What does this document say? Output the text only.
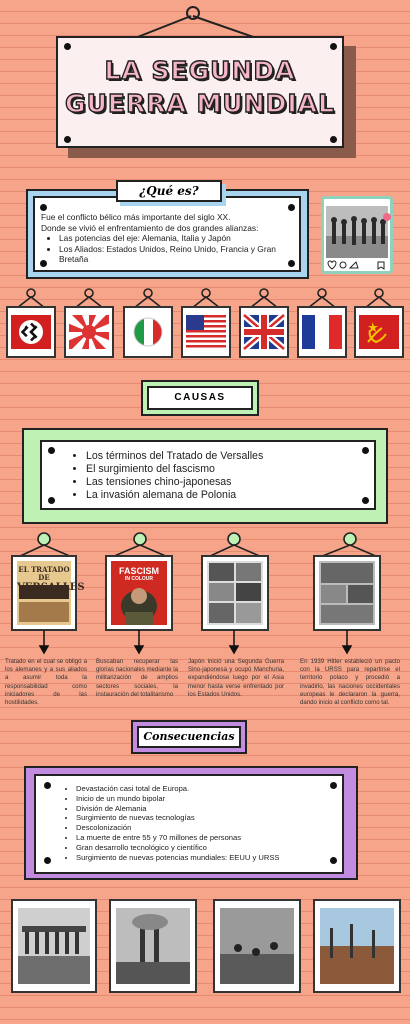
LA SEGUNDA
GUERRA MUNDIAL
Fue el conflicto bélico más importante del siglo XX.
Donde se vivió el enfrentamiento de dos grandes alianzas:
• Las potencias del eje: Alemania, Italia y Japón
• Los Aliados: Estados Unidos, Reino Unido, Francia y Gran Bretaña
¿Qué es?
CAUSAS
• Los términos del Tratado de Versalles
• El surgimiento del fascismo
• Las tensiones chino-japonesas
• La invasión alemana de Polonia
EL TRATADO DE
VERSALLES
FASCISM
IN COLOUR
Tratado en el cual se obligó a los alemanes y a sus aliados a asumir toda la responsabilidad como iniciadores de las hostilidades.
Buscaban recuperar las glorias nacionales mediante la militarización de amplios sectores sociales, la instauración del totalitarismo
Japón inició una Segunda Guerra Sino-japonesa y ocupó Manchuria, expandiéndose luego por el Asia menor hasta verse enfrentado por los Estados Unidos.
En 1939 Hitler estableció un pacto con la URSS para repartirse el territorio polaco y procedió a invadirlo, las naciones occidentales europeas le declararon la guerra, dando inicio al conflicto como tal.
Consecuencias
• Devastación casi total de Europa.
• Inicio de un mundo bipolar
• División de Alemania
• Surgimiento de nuevas tecnologías
• Descolonización
• La muerte de entre 55 y 70 millones de personas
• Gran desarrollo tecnológico y científico
• Surgimiento de nuevas potencias mundiales: EEUU y URSS
